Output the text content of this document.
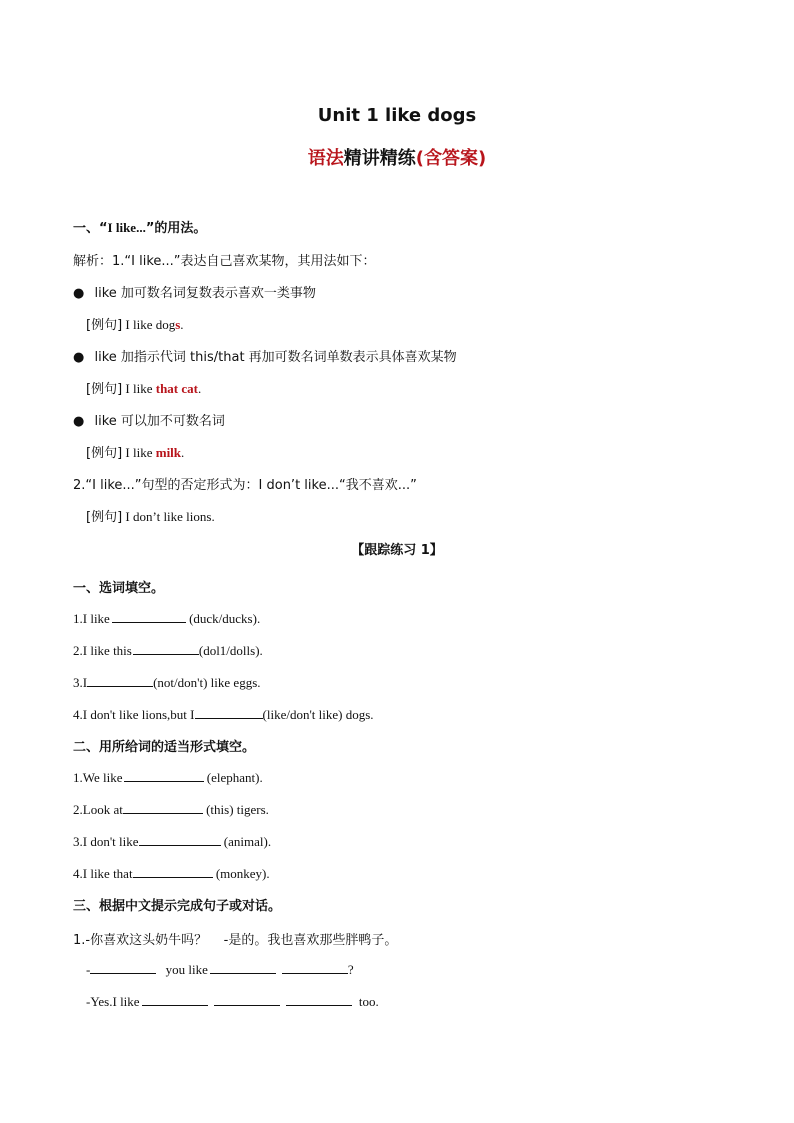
Unit 1 like dogs
语法精讲精练(含答案)
一、“I like...”的用法。
解析：1.“I like...”表达自己喜欢某物，其用法如下：
● like 加可数名词复数表示喜欢一类事物
[例句] I like dogs.
● like 加指示代词 this/that 再加可数名词单数表示具体喜欢某物
[例句] I like that cat.
● like 可以加不可数名词
[例句] I like milk.
2.“I like...”句型的否定形式为：I don’t like...“我不喜欢...”
[例句] I don’t like lions.
【跟踪练习 1】
一、选词填空。
1.I like	(duck/ducks).
2.I like this	(dol1/dolls).
3.I	(not/don't) like eggs.
4.I don't like lions,but I	(like/don't like) dogs.
二、用所给词的适当形式填空。
1.We like	(elephant).
2.Look at	(this) tigers.
3.I don't like	(animal).
4.I like that	(monkey).
三、根据中文提示完成句子或对话。
1.-你喜欢这头奶牛吗？    -是的。我也喜欢那些胖鸭子。
-	you like	?
-Yes.I like	too.
